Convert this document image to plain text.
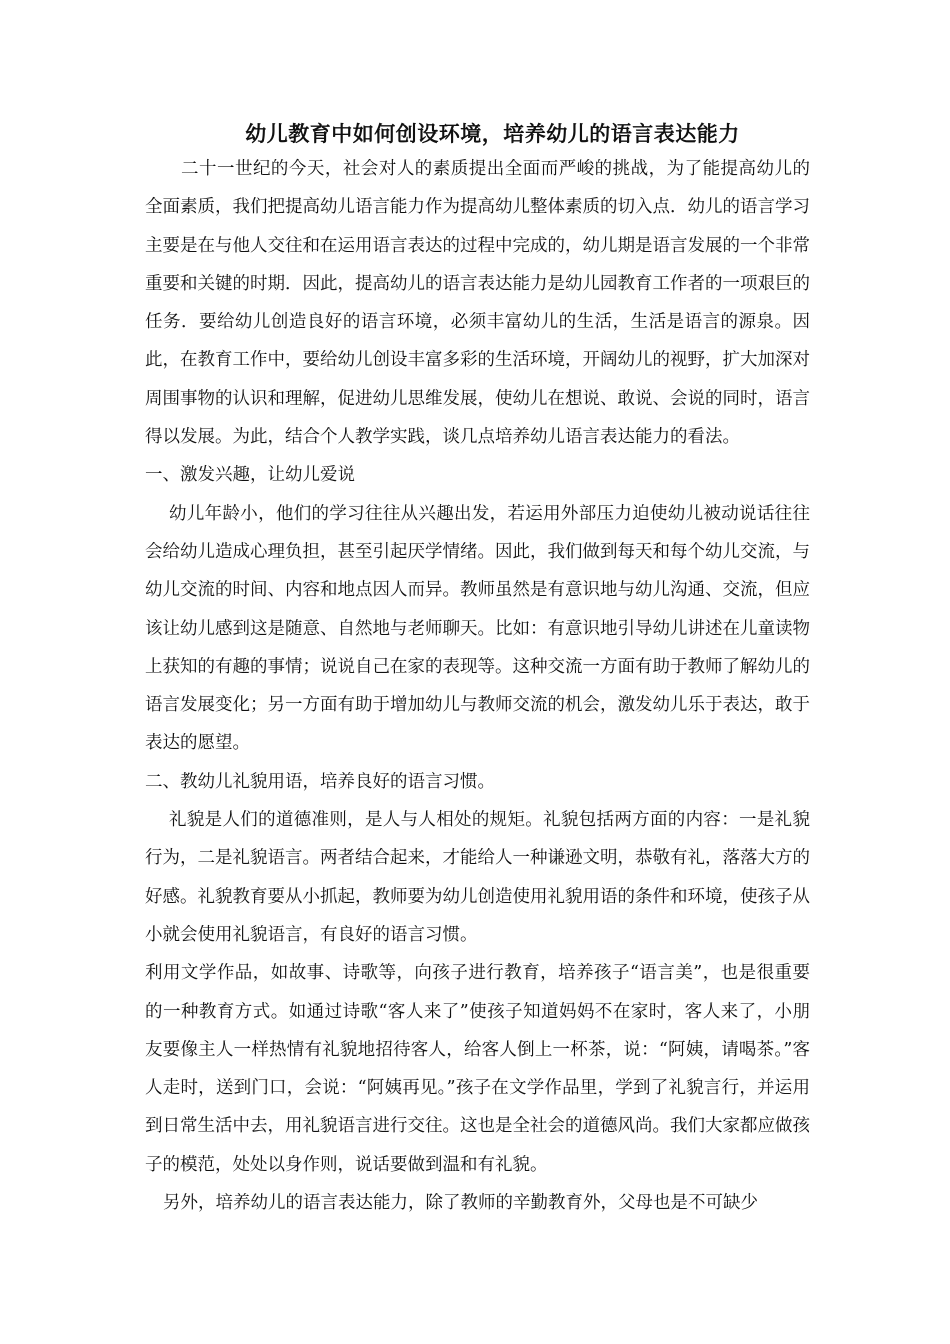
幼儿教育中如何创设环境，培养幼儿的语言表达能力

二十一世纪的今天，社会对人的素质提出全面而严峻的挑战，为了能提高幼儿的全面素质，我们把提高幼儿语言能力作为提高幼儿整体素质的切入点．幼儿的语言学习主要是在与他人交往和在运用语言表达的过程中完成的，幼儿期是语言发展的一个非常重要和关键的时期．因此，提高幼儿的语言表达能力是幼儿园教育工作者的一项艰巨的任务．要给幼儿创造良好的语言环境，必须丰富幼儿的生活，生活是语言的源泉。因此，在教育工作中，要给幼儿创设丰富多彩的生活环境，开阔幼儿的视野，扩大加深对周围事物的认识和理解，促进幼儿思维发展，使幼儿在想说、敢说、会说的同时，语言得以发展。为此，结合个人教学实践，谈几点培养幼儿语言表达能力的看法。

一、激发兴趣，让幼儿爱说

幼儿年龄小，他们的学习往往从兴趣出发，若运用外部压力迫使幼儿被动说话往往会给幼儿造成心理负担，甚至引起厌学情绪。因此，我们做到每天和每个幼儿交流，与幼儿交流的时间、内容和地点因人而异。教师虽然是有意识地与幼儿沟通、交流，但应该让幼儿感到这是随意、自然地与老师聊天。比如：有意识地引导幼儿讲述在儿童读物上获知的有趣的事情；说说自己在家的表现等。这种交流一方面有助于教师了解幼儿的语言发展变化；另一方面有助于增加幼儿与教师交流的机会，激发幼儿乐于表达，敢于表达的愿望。

二、教幼儿礼貌用语，培养良好的语言习惯。

礼貌是人们的道德准则，是人与人相处的规矩。礼貌包括两方面的内容：一是礼貌行为，二是礼貌语言。两者结合起来，才能给人一种谦逊文明，恭敬有礼，落落大方的好感。礼貌教育要从小抓起，教师要为幼儿创造使用礼貌用语的条件和环境，使孩子从小就会使用礼貌语言，有良好的语言习惯。

利用文学作品，如故事、诗歌等，向孩子进行教育，培养孩子“语言美”，也是很重要的一种教育方式。如通过诗歌“客人来了”使孩子知道妈妈不在家时，客人来了，小朋友要像主人一样热情有礼貌地招待客人，给客人倒上一杯茶，说：“阿姨，请喝茶。”客人走时，送到门口，会说：“阿姨再见。”孩子在文学作品里，学到了礼貌言行，并运用到日常生活中去，用礼貌语言进行交往。这也是全社会的道德风尚。我们大家都应做孩子的模范，处处以身作则，说话要做到温和有礼貌。

另外，培养幼儿的语言表达能力，除了教师的辛勤教育外，父母也是不可缺少
